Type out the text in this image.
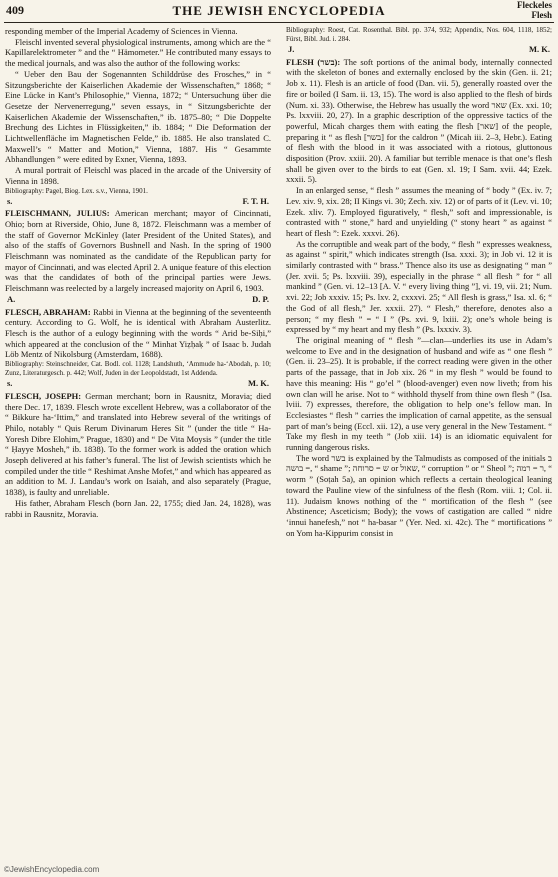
409	THE JEWISH ENCYCLOPEDIA	Fleckeles
Flesh

responding member of the Imperial Academy of Sciences in Vienna.

Fleischl invented several physiological instruments, among which are the “ Kapillarelektrometer ” and the “ Hämometer.” He contributed many essays to the medical journals, and was also the author of the following works:

“ Ueber den Bau der Sogenannten Schilddrüse des Frosches,” in “ Sitzungsberichte der Kaiserlichen Akademie der Wissenschaften,” 1868; “ Eine Lücke in Kant’s Philosophie,” Vienna, 1872; “ Untersuchung über die Gesetze der Nervenerregung,” seven essays, in “ Sitzungsberichte der Kaiserlichen Akademie der Wissenschaften,” ib. 1875–80; “ Die Doppelte Brechung des Lichtes in Flüssigkeiten,” ib. 1884; “ Die Deformation der Lichtwellenfläche im Magnetischen Felde,” ib. 1885. He also translated C. Maxwell’s “ Matter and Motion,” Vienna, 1887. His “ Gesammte Abhandlungen ” were edited by Exner, Vienna, 1893.

A mural portrait of Fleischl was placed in the arcade of the University of Vienna in 1898.

Bibliography: Pagel, Biog. Lex. s.v., Vienna, 1901.

s.	F. T. H.

FLEISCHMANN, JULIUS: American merchant; mayor of Cincinnati, Ohio; born at Riverside, Ohio, June 8, 1872. Fleischmann was a member of the staff of Governor McKinley (later President of the United States), and also of the staffs of Governors Bushnell and Nash. In the spring of 1900 Fleischmann was nominated as the candidate of the Republican party for mayor of Cincinnati, and was elected April 2. A unique feature of this election was that the candidates of both of the principal parties were Jews. Fleischmann was reelected by a largely increased majority on April 6, 1903.

A.	D. P.

FLESCH, ABRAHAM: Rabbi in Vienna at the beginning of the seventeenth century. According to G. Wolf, he is identical with Abraham Austerlitz. Flesch is the author of a eulogy beginning with the words “ Arid be-Siḥi,” which appeared at the conclusion of the “ Minhat Yiẓḥaḳ ” of Isaac b. Judah Löb Mentz of Nikolsburg (Amsterdam, 1688).

Bibliography: Steinschneider, Cat. Bodl. col. 1128; Landshuth, ‘Ammude ha-‘Abodah, p. 10; Zunz, Literaturgesch. p. 442; Wolf, Juden in der Leopoldstadt, 1st Addenda.

s.	M. K.

FLESCH, JOSEPH: German merchant; born in Rausnitz, Moravia; died there Dec. 17, 1839. Flesch wrote excellent Hebrew, was a collaborator of the “ Bikkure ha-‘Ittim,” and translated into Hebrew several of the writings of Philo, notably “ Quis Rerum Divinarum Heres Sit ” (under the title “ Ha-Yoresh Dibre Elohim,” Prague, 1830) and “ De Vita Moysis ” (under the title “ Ḥayye Mosheh,” ib. 1838). To the former work is added the oration which Joseph delivered at his father’s funeral. The list of Jewish scientists which he compiled under the title “ Reshimat Anshe Mofet,” and which has appeared as an addition to M. J. Landau’s work on Isaiah, and also separately (Prague, 1838), is faulty and unreliable.

His father, Abraham Flesch (born Jan. 22, 1755; died Jan. 24, 1828), was rabbi in Rausnitz, Moravia.

Bibliography: Roest, Cat. Rosenthal. Bibl. pp. 374, 932; Appendix, Nos. 604, 1118, 1852; Fürst, Bibl. Jud. i. 284.

J.	M. K.

FLESH (בשר): The soft portions of the animal body, internally connected with the skeleton of bones and externally enclosed by the skin (Gen. ii. 21; Job x. 11). Flesh is an article of food (Dan. vii. 5), generally roasted over the fire or boiled (I Sam. ii. 13, 15). The word is also applied to the flesh of birds (Num. xi. 33). Otherwise, the Hebrew has usually the word שאר (Ex. xxi. 10; Ps. lxxviii. 20, 27). In a graphic description of the oppressive tactics of the powerful, Micah charges them with eating the flesh [שאר] of the people, preparing it “ as flesh [בשר] for the caldron ” (Micah iii. 2–3, Hebr.). Eating of flesh with the blood in it was associated with a riotous, gluttonous disposition (Prov. xxiii. 20). A familiar but terrible menace is that one’s flesh shall be given over to the birds to eat (Gen. xl. 19; I Sam. xvii. 44; Ezek. xxxii. 5).

In an enlarged sense, “ flesh ” assumes the meaning of “ body ” (Ex. iv. 7; Lev. xiv. 9, xix. 28; II Kings vi. 30; Zech. xiv. 12) or of parts of it (Lev. vi. 10; Ezek. xliv. 7). Employed figuratively, “ flesh,” soft and impressionable, is contrasted with “ stone,” hard and unyielding (“ stony heart ” as against “ heart of flesh ”: Ezek. xxxvi. 26).

As the corruptible and weak part of the body, “ flesh ” expresses weakness, as against “ spirit,” which indicates strength (Isa. xxxi. 3); in Job vi. 12 it is similarly contrasted with “ brass.” Thence also its use as designating “ man ” (Jer. xvii. 5; Ps. lxxviii. 39), especially in the phrase “ all flesh ” for “ all mankind ” (Gen. vi. 12–13 [A. V. “ every living thing ”], vi. 19, vii. 21; Num. xvi. 22; Job xxxiv. 15; Ps. lxv. 2, cxxxvi. 25; “ All flesh is grass,” Isa. xl. 6; “ the God of all flesh,” Jer. xxxii. 27). “ Flesh,” therefore, denotes also a person; “ my flesh ” = “ I ” (Ps. xvi. 9, lxiii. 2); one’s whole being is expressed by “ my heart and my flesh ” (Ps. lxxxiv. 3).

The original meaning of “ flesh ”—clan—underlies its use in Adam’s welcome to Eve and in the designation of husband and wife as “ one flesh ” (Gen. ii. 23–25). It is probable, if the correct reading were given in the other parts of the passage, that in Job xix. 26 “ in my flesh ” would be found to have this meaning: His “ go’el ” (blood-avenger) even now liveth; from his own clan will he arise. Not to “ withhold thyself from thine own flesh ” (Isa. lviii. 7) expresses, therefore, the obligation to help one’s fellow man. In Ecclesiastes “ flesh ” carries the implication of carnal appetite, as the sensual part of man’s being (Eccl. xii. 12), a use very general in the New Testament. “ Take my flesh in my teeth ” (Job xiii. 14) is an idiomatic equivalent for running dangerous risks.

The word בשר is explained by the Talmudists as composed of the initials ב = בושה, “ shame ”; ש = סרוחה or שאול, “ corruption ” or “ Sheol ”; ר = רמה, “ worm ” (Soṭah 5a), an opinion which reflects a certain theological leaning toward the Pauline view of the sinfulness of the flesh (Rom. viii. 1; Col. ii. 11). Judaism knows nothing of the “ mortification of the flesh ” (see Abstinence; Asceticism; Body); the vows of castigation are called “ nidre ‘innui hanefesh,” not “ ha-basar ” (Yer. Ned. xi. 42c). The “ mortifications ” on Yom ha-Kippurim consist in

©JewishEncyclopedia.com
